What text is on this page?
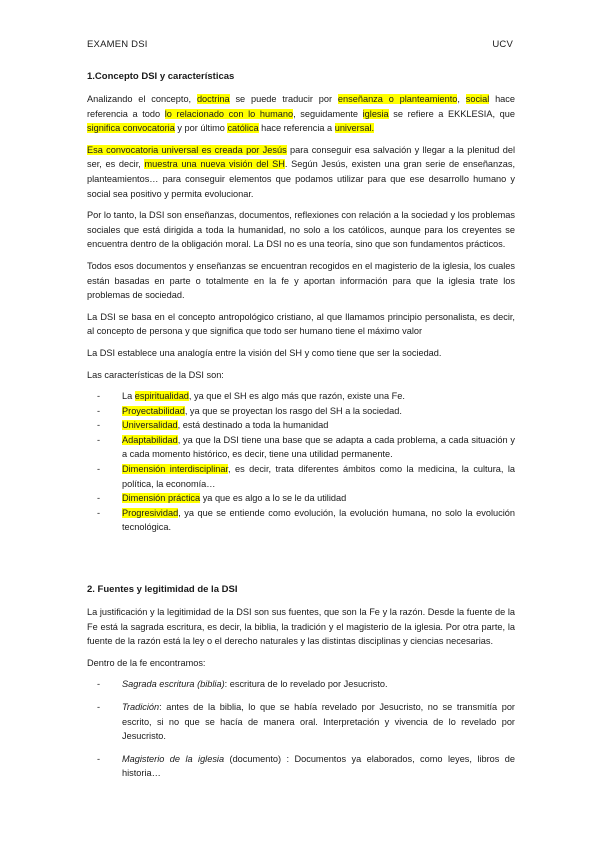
EXAMEN DSI	UCV
1.Concepto DSI y características

Analizando el concepto, doctrina se puede traducir por enseñanza o planteamiento, social hace referencia a todo lo relacionado con lo humano, seguidamente iglesia se refiere a EKKLESIA, que significa convocatoria y por último católica hace referencia a universal.

Esa convocatoria universal es creada por Jesús para conseguir esa salvación y llegar a la plenitud del ser, es decir, muestra una nueva visión del SH. Según Jesús, existen una gran serie de enseñanzas, planteamientos… para conseguir elementos que podamos utilizar para que ese desarrollo humano y social sea positivo y permita evolucionar.

Por lo tanto, la DSI son enseñanzas, documentos, reflexiones con relación a la sociedad y los problemas sociales que está dirigida a toda la humanidad, no solo a los católicos, aunque para los creyentes se encuentra dentro de la obligación moral. La DSI no es una teoría, sino que son fundamentos prácticos.

Todos esos documentos y enseñanzas se encuentran recogidos en el magisterio de la iglesia, los cuales están basadas en parte o totalmente en la fe y aportan información para que la iglesia trate los problemas de sociedad.

La DSI se basa en el concepto antropológico cristiano, al que llamamos principio personalista, es decir, al concepto de persona y que significa que todo ser humano tiene el máximo valor

La DSI establece una analogía entre la visión del SH y como tiene que ser la sociedad.

Las características de la DSI son:

- La espiritualidad, ya que el SH es algo más que razón, existe una Fe.
- Proyectabilidad, ya que se proyectan los rasgo del SH a la sociedad.
- Universalidad, está destinado a toda la humanidad
- Adaptabilidad, ya que la DSI tiene una base que se adapta a cada problema, a cada situación y a cada momento histórico, es decir, tiene una utilidad permanente.
- Dimensión interdisciplinar, es decir, trata diferentes ámbitos como la medicina, la cultura, la política, la economía…
- Dimensión práctica ya que es algo a lo se le da utilidad
- Progresividad, ya que se entiende como evolución, la evolución humana, no solo la evolución tecnológica.
2. Fuentes y legitimidad de la DSI

La justificación y la legitimidad de la DSI son sus fuentes, que son la Fe y la razón. Desde la fuente de la Fe está la sagrada escritura, es decir, la biblia, la tradición y el magisterio de la iglesia. Por otra parte, la fuente de la razón está la ley o el derecho naturales y las distintas disciplinas y ciencias necesarias.

Dentro de la fe encontramos:

- Sagrada escritura (biblia): escritura de lo revelado por Jesucristo.
- Tradición: antes de la biblia, lo que se había revelado por Jesucristo, no se transmitía por escrito, si no que se hacía de manera oral. Interpretación y vivencia de lo revelado por Jesucristo.
- Magisterio de la iglesia (documento) : Documentos ya elaborados, como leyes, libros de historia…
